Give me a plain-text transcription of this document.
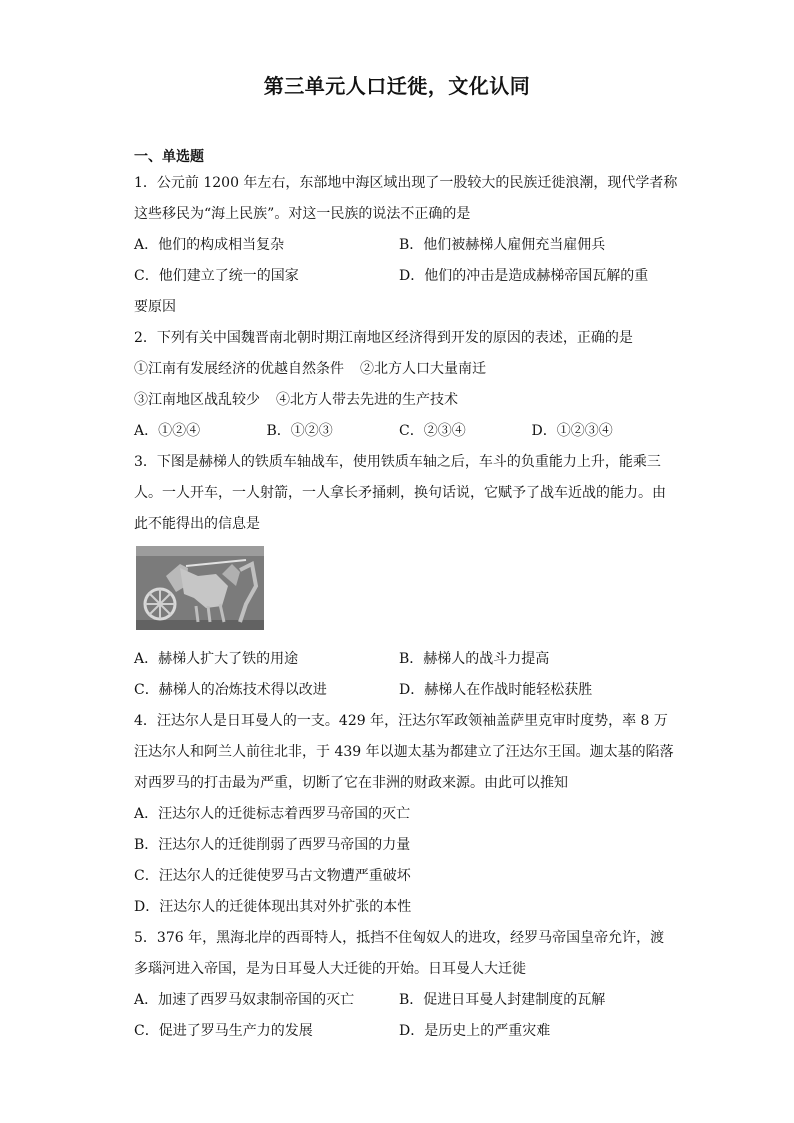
第三单元人口迁徙，文化认同
一、单选题
1．公元前 1200 年左右，东部地中海区域出现了一股较大的民族迁徙浪潮，现代学者称
这些移民为“海上民族”。对这一民族的说法不正确的是
A．他们的构成相当复杂	B．他们被赫梯人雇佣充当雇佣兵
C．他们建立了统一的国家	D．他们的冲击是造成赫梯帝国瓦解的重
要原因
2．下列有关中国魏晋南北朝时期江南地区经济得到开发的原因的表述，正确的是
①江南有发展经济的优越自然条件 ②北方人口大量南迁
③江南地区战乱较少 ④北方人带去先进的生产技术
A．①②④	B．①②③	C．②③④	D．①②③④
3．下图是赫梯人的铁质车轴战车，使用铁质车轴之后，车斗的负重能力上升，能乘三
人。一人开车，一人射箭，一人拿长矛捅刺，换句话说，它赋予了战车近战的能力。由
此不能得出的信息是
A．赫梯人扩大了铁的用途	B．赫梯人的战斗力提高
C．赫梯人的冶炼技术得以改进	D．赫梯人在作战时能轻松获胜
4．汪达尔人是日耳曼人的一支。429 年，汪达尔军政领袖盖萨里克审时度势，率 8 万
汪达尔人和阿兰人前往北非，于 439 年以迦太基为都建立了汪达尔王国。迦太基的陷落
对西罗马的打击最为严重，切断了它在非洲的财政来源。由此可以推知
A．汪达尔人的迁徙标志着西罗马帝国的灭亡
B．汪达尔人的迁徙削弱了西罗马帝国的力量
C．汪达尔人的迁徙使罗马古文物遭严重破坏
D．汪达尔人的迁徙体现出其对外扩张的本性
5．376 年，黑海北岸的西哥特人，抵挡不住匈奴人的进攻，经罗马帝国皇帝允许，渡
多瑙河进入帝国，是为日耳曼人大迁徙的开始。日耳曼人大迁徙
A．加速了西罗马奴隶制帝国的灭亡	B．促进日耳曼人封建制度的瓦解
C．促进了罗马生产力的发展	D．是历史上的严重灾难
